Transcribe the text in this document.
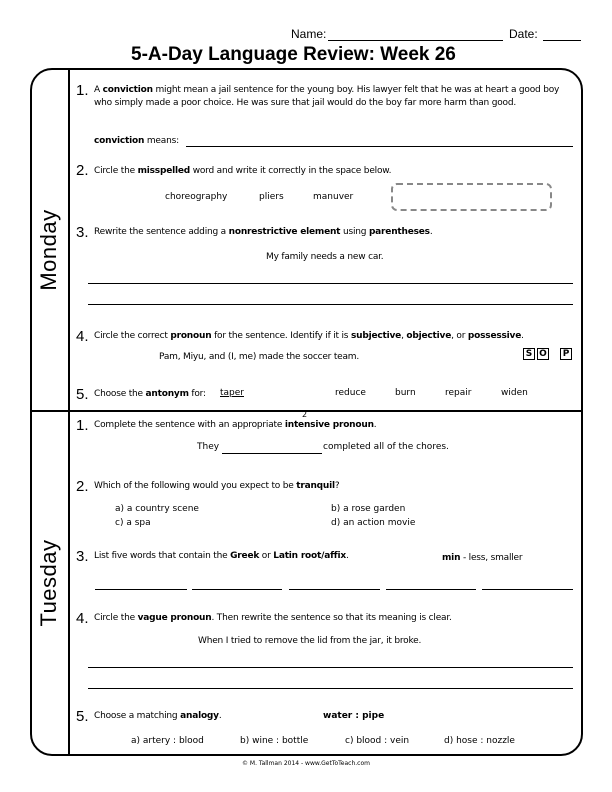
Name:	Date:
5-A-Day Language Review: Week 26
Monday
Tuesday
1. A conviction might mean a jail sentence for the young boy. His lawyer felt that he was at heart a good boy who simply made a poor choice. He was sure that jail would do the boy far more harm than good.
conviction means:
2. Circle the misspelled word and write it correctly in the space below.
choreography	pliers	manuver
3. Rewrite the sentence adding a nonrestrictive element using parentheses.
My family needs a new car.
4. Circle the correct pronoun for the sentence. Identify if it is subjective, objective, or possessive.
Pam, Miyu, and (I, me) made the soccer team.	S O P
5. Choose the antonym for: taper	reduce	burn	repair	widen
2
1. Complete the sentence with an appropriate intensive pronoun.
They	completed all of the chores.
2. Which of the following would you expect to be tranquil?
a) a country scene	b) a rose garden
c) a spa	d) an action movie
3. List five words that contain the Greek or Latin root/affix.	min - less, smaller
4. Circle the vague pronoun. Then rewrite the sentence so that its meaning is clear.
When I tried to remove the lid from the jar, it broke.
5. Choose a matching analogy.	water : pipe
a) artery : blood	b) wine : bottle	c) blood : vein	d) hose : nozzle
© M. Tallman 2014 - www.GetToTeach.com
